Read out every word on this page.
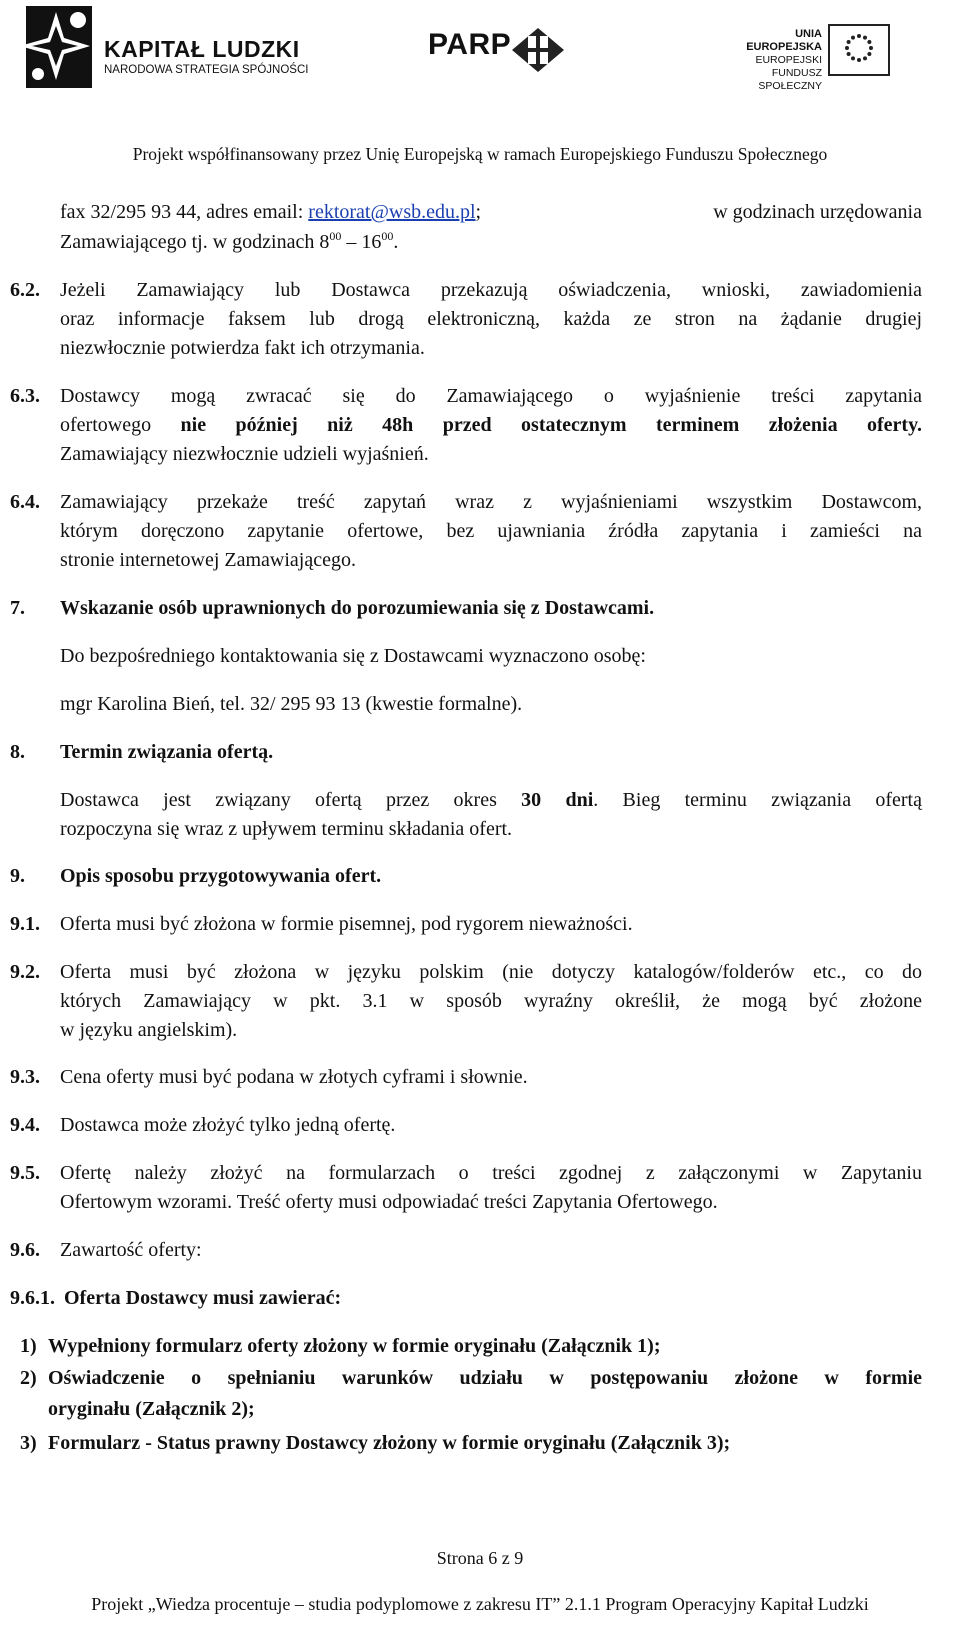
KAPITAŁ LUDZKI
NARODOWA STRATEGIA SPÓJNOŚCI
PARP	UNIA EUROPEJSKA
EUROPEJSKI
FUNDUSZ SPOŁECZNY
Projekt współfinansowany przez Unię Europejską w ramach Europejskiego Funduszu Społecznego
fax 32/295 93 44, adres email: rektorat@wsb.edu.pl;	w godzinach urzędowania
Zamawiającego tj. w godzinach $8^{00} - 16^{00}$.
6.2. Jeżeli Zamawiający lub Dostawca przekazują oświadczenia, wnioski, zawiadomienia
oraz informacje faksem lub drogą elektroniczną, każda ze stron na żądanie drugiej
niezwłocznie potwierdza fakt ich otrzymania.
6.3. Dostawcy mogą zwracać się do Zamawiającego o wyjaśnienie treści zapytania
ofertowego nie później niż 48h przed ostatecznym terminem złożenia oferty.
Zamawiający niezwłocznie udzieli wyjaśnień.
6.4. Zamawiający przekaże treść zapytań wraz z wyjaśnieniami wszystkim Dostawcom,
którym doręczono zapytanie ofertowe, bez ujawniania źródła zapytania i zamieści na
stronie internetowej Zamawiającego.
7. Wskazanie osób uprawnionych do porozumiewania się z Dostawcami.
Do bezpośredniego kontaktowania się z Dostawcami wyznaczono osobę:
mgr Karolina Bień, tel. 32/ 295 93 13 (kwestie formalne).
8. Termin związania ofertą.
Dostawca jest związany ofertą przez okres 30 dni. Bieg terminu związania ofertą
rozpoczyna się wraz z upływem terminu składania ofert.
9. Opis sposobu przygotowywania ofert.
9.1. Oferta musi być złożona w formie pisemnej, pod rygorem nieważności.
9.2. Oferta musi być złożona w języku polskim (nie dotyczy katalogów/folderów etc., co do
których Zamawiający w pkt. 3.1 w sposób wyraźny określił, że mogą być złożone
w języku angielskim).
9.3. Cena oferty musi być podana w złotych cyframi i słownie.
9.4. Dostawca może złożyć tylko jedną ofertę.
9.5. Ofertę należy złożyć na formularzach o treści zgodnej z załączonymi w Zapytaniu
Ofertowym wzorami. Treść oferty musi odpowiadać treści Zapytania Ofertowego.
9.6. Zawartość oferty:
9.6.1. Oferta Dostawcy musi zawierać:
1) Wypełniony formularz oferty złożony w formie oryginału (Załącznik 1);
2) Oświadczenie o spełnianiu warunków udziału w postępowaniu złożone w formie
oryginału (Załącznik 2);
3) Formularz - Status prawny Dostawcy złożony w formie oryginału (Załącznik 3);
Strona 6 z 9
Projekt „Wiedza procentuje – studia podyplomowe z zakresu IT” 2.1.1 Program Operacyjny Kapitał Ludzki
